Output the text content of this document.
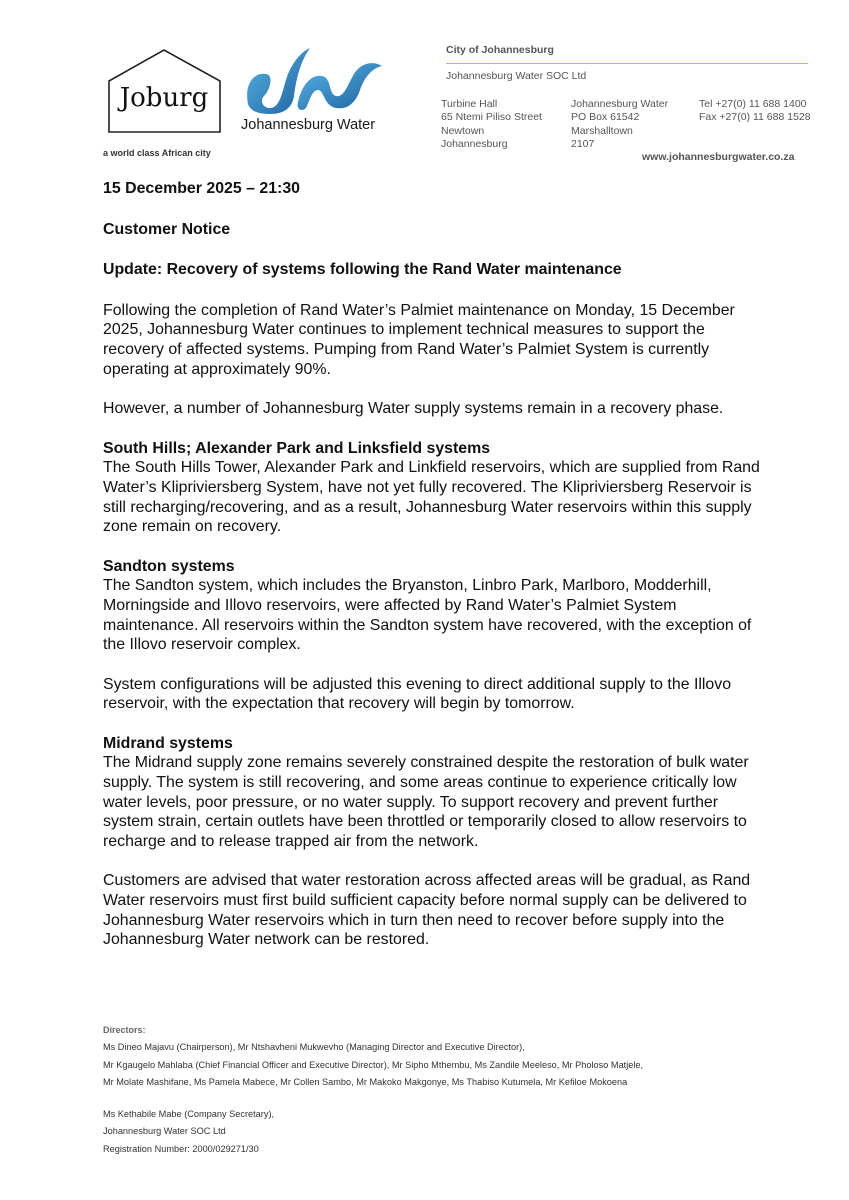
Joburg
a world class African city
Johannesburg Water
City of Johannesburg
Johannesburg Water SOC Ltd
Turbine Hall
65 Ntemi Piliso Street
Newtown
Johannesburg
Johannesburg Water
PO Box 61542
Marshalltown
2107
Tel +27(0) 11 688 1400
Fax +27(0) 11 688 1528
www.johannesburgwater.co.za

15 December 2025 – 21:30

Customer Notice

Update: Recovery of systems following the Rand Water maintenance

Following the completion of Rand Water’s Palmiet maintenance on Monday, 15 December 2025, Johannesburg Water continues to implement technical measures to support the recovery of affected systems. Pumping from Rand Water’s Palmiet System is currently operating at approximately 90%.

However, a number of Johannesburg Water supply systems remain in a recovery phase.

South Hills; Alexander Park and Linksfield systems

The South Hills Tower, Alexander Park and Linkfield reservoirs, which are supplied from Rand Water’s Klipriviersberg System, have not yet fully recovered. The Klipriviersberg Reservoir is still recharging/recovering, and as a result, Johannesburg Water reservoirs within this supply zone remain on recovery.

Sandton systems

The Sandton system, which includes the Bryanston, Linbro Park, Marlboro, Modderhill, Morningside and Illovo reservoirs, were affected by Rand Water’s Palmiet System maintenance. All reservoirs within the Sandton system have recovered, with the exception of the Illovo reservoir complex.

System configurations will be adjusted this evening to direct additional supply to the Illovo reservoir, with the expectation that recovery will begin by tomorrow.

Midrand systems

The Midrand supply zone remains severely constrained despite the restoration of bulk water supply. The system is still recovering, and some areas continue to experience critically low water levels, poor pressure, or no water supply. To support recovery and prevent further system strain, certain outlets have been throttled or temporarily closed to allow reservoirs to recharge and to release trapped air from the network.

Customers are advised that water restoration across affected areas will be gradual, as Rand Water reservoirs must first build sufficient capacity before normal supply can be delivered to Johannesburg Water reservoirs which in turn then need to recover before supply into the Johannesburg Water network can be restored.

Directors:
Ms Dineo Majavu (Chairperson), Mr Ntshavheni Mukwevho (Managing Director and Executive Director),
Mr Kgaugelo Mahlaba (Chief Financial Officer and Executive Director), Mr Sipho Mthembu, Ms Zandile Meeleso, Mr Pholoso Matjele,
Mr Molate Mashifane, Ms Pamela Mabece, Mr Collen Sambo, Mr Makoko Makgonye, Ms Thabiso Kutumela, Mr Kefiloe Mokoena
Ms Kethabile Mabe (Company Secretary),
Johannesburg Water SOC Ltd
Registration Number: 2000/029271/30
